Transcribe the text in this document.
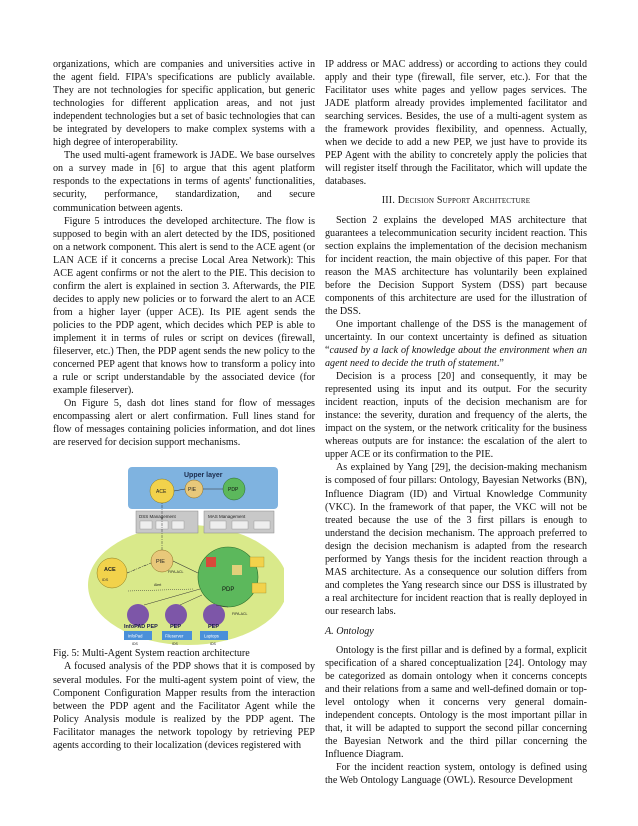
organizations, which are companies and universities active in the agent field. FIPA's specifications are publicly available. They are not technologies for specific application, but generic technologies for different application areas, and not just independent technologies but a set of basic technologies that can be integrated by developers to make complex systems with a high degree of interoperability.

The used multi-agent framework is JADE. We base ourselves on a survey made in [6] to argue that this agent platform responds to the expectations in terms of agents' functionalities, security, performance, standardization, and secure communication between agents.

Figure 5 introduces the developed architecture. The flow is supposed to begin with an alert detected by the IDS, positioned on a network component. This alert is send to the ACE agent (or LAN ACE if it concerns a precise Local Area Network): This ACE agent confirms or not the alert to the PIE. This decision to confirm the alert is explained in section 3. Afterwards, the PIE decides to apply new policies or to forward the alert to an ACE from a higher layer (upper ACE). Its PIE agent sends the policies to the PDP agent, which decides which PEP is able to implement it in terms of rules or script on devices (firewall, fileserver, etc.) Then, the PDP agent sends the new policy to the concerned PEP agent that knows how to transform a policy into a rule or script understandable by the associated device (for example fileserver).

On Figure 5, dash dot lines stand for flow of messages encompassing alert or alert confirmation. Full lines stand for flow of messages containing policies information, and dot lines are reserved for decision support mechanisms.

Upper layer
ACE	PIE	PDP
DSS Management	MAS Management
ACE
IDS
PIE
PDP
FIPA-ACL
Alert
FIPA-ACL
InfoPAD PEP PEP	PEP
InfoPad	Fileserver	Laptops
IDS	IDS	IDS

Fig. 5: Multi-Agent System reaction architecture

A focused analysis of the PDP shows that it is composed by several modules. For the multi-agent system point of view, the Component Configuration Mapper results from the interaction between the PDP agent and the Facilitator Agent while the Policy Analysis module is realized by the PDP agent. The Facilitator manages the network topology by retrieving PEP agents according to their localization (devices registered with

IP address or MAC address) or according to actions they could apply and their type (firewall, file server, etc.). For that the Facilitator uses white pages and yellow pages services. The JADE platform already provides implemented facilitator and searching services. Besides, the use of a multi-agent system as the framework provides flexibility, and openness. Actually, when we decide to add a new PEP, we just have to provide its PEP Agent with the ability to concretely apply the policies that will register itself through the Facilitator, which will update the databases.

III. Decision Support Architecture

Section 2 explains the developed MAS architecture that guarantees a telecommunication security incident reaction. This section explains the implementation of the decision mechanism for incident reaction, the main objective of this paper. For that reason the MAS architecture has voluntarily been explained before the Decision Support System (DSS) part because components of this architecture are used for the illustration of the DSS.

One important challenge of the DSS is the management of uncertainty. In our context uncertainty is defined as situation “caused by a lack of knowledge about the environment when an agent need to decide the truth of statement.”

Decision is a process [20] and consequently, it may be represented using its input and its output. For the security incident reaction, inputs of the decision mechanism are for instance: the severity, duration and frequency of the alerts, the impact on the system, or the network criticality for the business whereas outputs are for instance: the escalation of the alert to upper ACE or its confirmation to the PIE.

As explained by Yang [29], the decision-making mechanism is composed of four pillars: Ontology, Bayesian Networks (BN), Influence Diagram (ID) and Virtual Knowledge Community (VKC). In the framework of that paper, the VKC will not be treated because the use of the 3 first pillars is enough to understand the decision mechanism. The approach preferred to design the decision mechanism is adapted from the research performed by Yangs thesis for the incident reaction through a MAS architecture. As a consequence our solution differs from and completes the Yang research since our DSS is illustrated by a real architecture for incident reaction that is really deployed in our research labs.

A. Ontology

Ontology is the first pillar and is defined by a formal, explicit specification of a shared conceptualization [24]. Ontology may be categorized as domain ontology when it concerns concepts and their relations from a same and well-defined domain or top-level ontology when it concerns very general domain-independent concepts. Ontology is the most important pillar in that, it will be adapted to support the second pillar concerning the Bayesian Network and the third pillar concerning the Influence Diagram.

For the incident reaction system, ontology is defined using the Web Ontology Language (OWL). Resource Development
